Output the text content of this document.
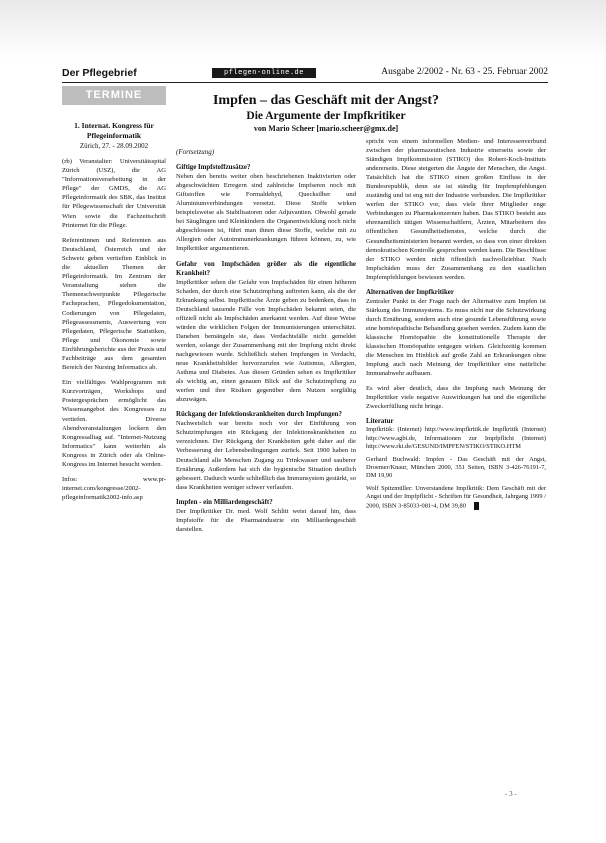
Der Pflegebrief	pflegen-online.de	Ausgabe 2/2002 - Nr. 63 - 25. Februar 2002
TERMINE
1. Internat. Kongress für Pflegeinformatik
Zürich, 27. - 28.09.2002

(rb) Veranstalter: Universitätsspital Zürich (USZ), die AG "Informationsverarbeitung in der Pflege" der GMDS, die AG Pflegeinformatik des SBK, das Institut für Pflegewissenschaft der Universität Wien sowie die Fachzeitschrift Printernet für die Pflege.

Referentinnen und Referenten aus Deutschland, Österreich und der Schweiz geben vertieften Einblick in die aktuellen Themen der Pflegeinformatik. Im Zentrum der Veranstaltung stehen die Themenschwerpunkte Pflegerische Fachsprachen, Pflegedokumentation, Codierungen von Pflegedaten, Pflegeassessments, Auswertung von Pflegedaten, Pflegerische Statistiken, Pflege und Ökonomie sowie Einführungsberichte aus der Praxis und Fachbeiträge aus dem gesamten Bereich der Nursing Informatics ab.

Ein vielfältiges Wahlprogramm mit Kurzvorträgen, Workshops und Postergesprächen ermöglicht das Wissensangebot des Kongresses zu vertiefen. Diverse Abendveranstaltungen lockern den Kongressalltag auf. "Internet-Nutzung Informatics" kann weiterhin als Kongress in Zürich oder als Online-Kongress im Internet besucht werden.

Infos: www.pr-internet.com/kongresse/2002-pflegeinformatik2002-info.asp

Impfen – das Geschäft mit der Angst?
Die Argumente der Impfkritiker
von Mario Scheer [mario.scheer@gmx.de]

(Fortsetzung)

Giftige Impfstoffzusätze?

Neben den bereits weiter oben beschriebenen Inaktivierten oder abgeschwächten Erregern sind zahlreiche Impfseren noch mit Giftstoffen wie Formaldehyd, Quecksilber und Aluminiumverbindungen versetzt. Diese Stoffe wirken beispielsweise als Stabilisatoren oder Adjuvantien. Obwohl gerade bei Säuglingen und Kleinkindern die Organentwicklung noch nicht abgeschlossen ist, führt man ihnen diese Stoffe, welche mit zu Allergien oder Autoimmunerkrankungen führen können, zu, wie Impfkritiker argumentieren.

Gefahr von Impfschäden größer als die eigentliche Krankheit?

Impfkritiker sehen die Gefahr von Impfschäden für einen höheren Schaden, der durch eine Schutzimpfung auftreten kann, als die der Erkrankung selbst. Impfkritische Ärzte geben zu bedenken, dass in Deutschland tausende Fälle von Impfschäden bekannt seien, die offiziell nicht als Impfschäden anerkannt werden. Auf diese Weise würden die wirklichen Folgen der Immunisierungen unterschätzt. Daneben bemängeln sie, dass Verdachtsfälle nicht gemeldet werden, solange der Zusammenhang mit der Impfung nicht direkt nachgewiesen wurde. Schließlich stehen Impfungen in Verdacht, neue Krankheitsbilder hervorzurufen wie Autismus, Allergien, Asthma und Diabetes. Aus diesen Gründen sehen es Impfkritiker als wichtig an, einen genauen Blick auf die Schutzimpfung zu werfen und ihre Risiken gegenüber dem Nutzen sorgfältig abzuwägen.

Rückgang der Infektionskrankheiten durch Impfungen?

Nachweislich war bereits noch vor der Einführung von Schutzimpfungen ein Rückgang der Infektionskrankheiten zu verzeichnen. Der Rückgang der Krankheiten geht daher auf die Verbesserung der Lebensbedingungen zurück. Seit 1900 haben in Deutschland alle Menschen Zugang zu Trinkwasser und sauberer Ernährung. Außerdem hat sich die hygienische Situation deutlich gebessert. Dadurch wurde schließlich das Immunsystem gestärkt, so dass Krankheiten weniger schwer verlaufen.

Impfen - ein Milliardengeschäft?

Der Impfkritiker Dr. med. Wolf Schlitt weist darauf hin, dass Impfstoffe für die Pharmaindustrie ein Milliardengeschäft darstellen.

spricht von einem informellen Medien- und Interessenverbund zwischen der pharmazeutischen Industrie einerseits sowie der Ständigen Impfkommission (STIKO) des Robert-Koch-Instituts andererseits. Diese steigerten die Ängste der Menschen, die Angst. Tatsächlich hat die STIKO einen großen Einfluss in der Bundesrepublik, denn sie ist ständig für Impfempfehlungen zuständig und ist eng mit der Industrie verbunden. Die Impfkritiker werfen der STIKO vor, dass viele ihrer Mitglieder enge Verbindungen zu Pharmakonzernen haben. Das STIKO besteht aus ehrenamtlich tätigen Wissenschaftlern, Ärzten, Mitarbeitern des öffentlichen Gesundheitsdienstes, welche durch die Gesundheitsministerien benannt werden, so dass von einer direkten demokratischen Kontrolle gesprochen werden kann. Die Beschlüsse der STIKO werden nicht öffentlich nachvollziehbar. Nach Impfschäden muss der Zusammenhang zu den staatlichen Impfempfehlungen bewiesen werden.

Alternativen der Impfkritiker

Zentraler Punkt in der Frage nach der Alternative zum Impfen ist Stärkung des Immunsystems. Es muss nicht nur die Schutzwirkung durch Ernährung, sondern auch eine gesunde Lebensführung sowie eine homöopathische Behandlung gesehen werden. Zudem kann die klassische Homöopathie die konstitutionelle Therapie der klassischen Homöopathie entgegen wirken. Gleichzeitig kommen die Menschen im Hinblick auf große Zahl an Erkrankungen ohne Impfung auch nach Meinung der Impfkritiker eine natürliche Immunabwehr aufbauen.

Es wird aber deutlich, dass die Impfung nach Meinung der Impfkritiker viele negative Auswirkungen hat und die eigentliche Zweckerfüllung nicht bringe.

Literatur

Impfkritik: (Internet) http://www.impfkritik.de Impfkritik (Internet) http://www.agbi.de, Informationen zur Impfpflicht (Internet) http://www.rki.de/GESUND/IMPFEN/STIKO/STIKO.HTM

Gerhard Buchwald: Impfen - Das Geschäft mit der Angst, Droemer/Knaur, München 2000, 351 Seiten, ISBN 3-426-76191-7, DM 19,90

Wolf Spitzmüller: Unverstandene Impfkritik: Dem Geschäft mit der Angst und der Impfpflicht - Schriften für Gesundheit, Jahrgang 1999 / 2000, ISBN 3-85033-081-4, DM 39,80

- 3 -
